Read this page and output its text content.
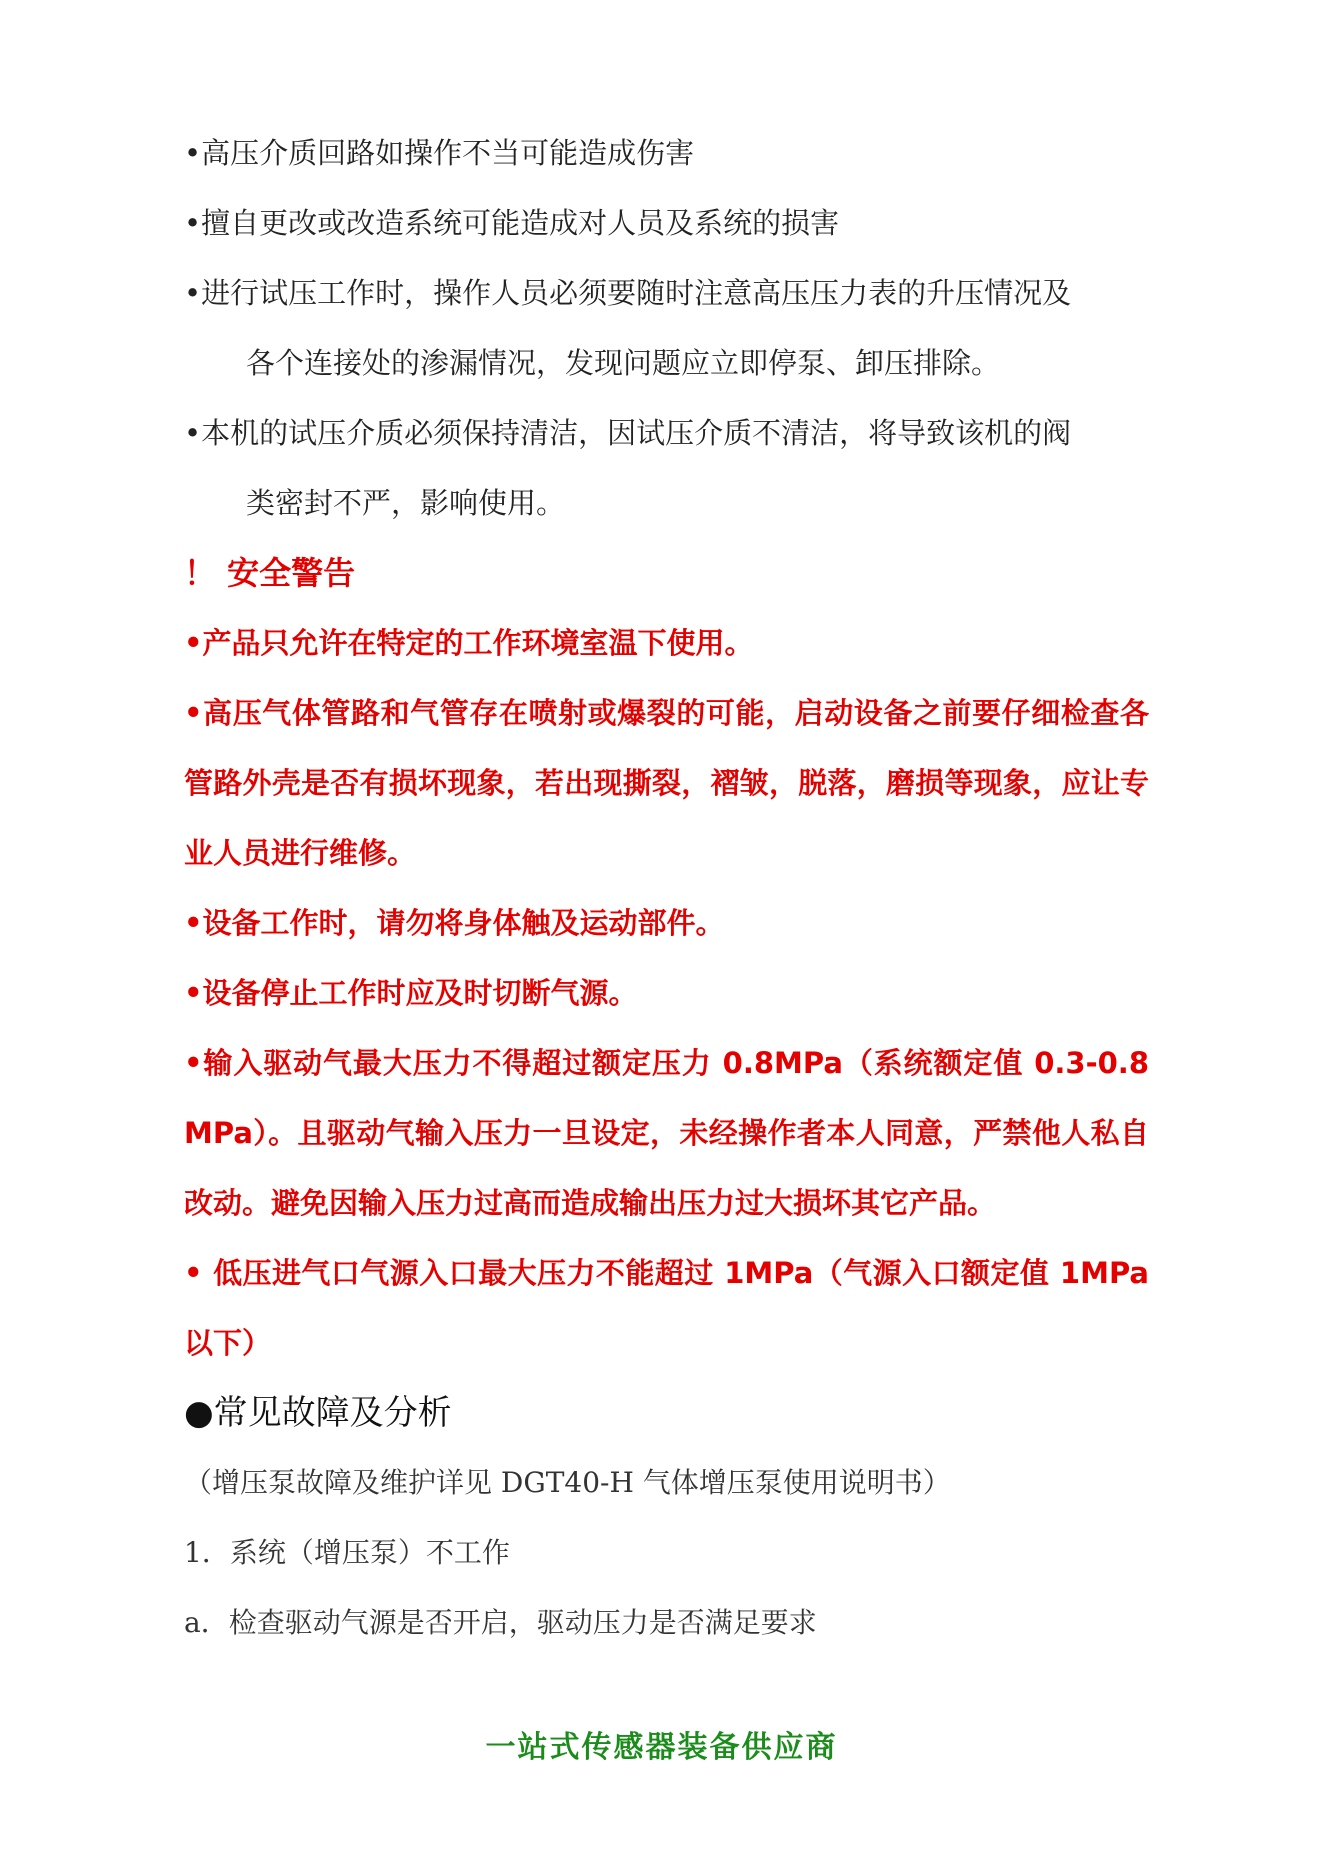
•高压介质回路如操作不当可能造成伤害

•擅自更改或改造系统可能造成对人员及系统的损害

•进行试压工作时，操作人员必须要随时注意高压压力表的升压情况及

各个连接处的渗漏情况，发现问题应立即停泵、卸压排除。

•本机的试压介质必须保持清洁，因试压介质不清洁，将导致该机的阀

类密封不严，影响使用。

！ 安全警告

•产品只允许在特定的工作环境室温下使用。

•高压气体管路和气管存在喷射或爆裂的可能，启动设备之前要仔细检查各管路外壳是否有损坏现象，若出现撕裂，褶皱，脱落，磨损等现象，应让专业人员进行维修。

•设备工作时，请勿将身体触及运动部件。

•设备停止工作时应及时切断气源。

•输入驱动气最大压力不得超过额定压力 0.8MPa（系统额定值 0.3-0.8MPa）。且驱动气输入压力一旦设定，未经操作者本人同意，严禁他人私自改动。避免因输入压力过高而造成输出压力过大损坏其它产品。

• 低压进气口气源入口最大压力不能超过 1MPa（气源入口额定值 1MPa 以下）

●常见故障及分析

（增压泵故障及维护详见 DGT40-H 气体增压泵使用说明书）

1．系统（增压泵）不工作

a．检查驱动气源是否开启，驱动压力是否满足要求

一站式传感器装备供应商
